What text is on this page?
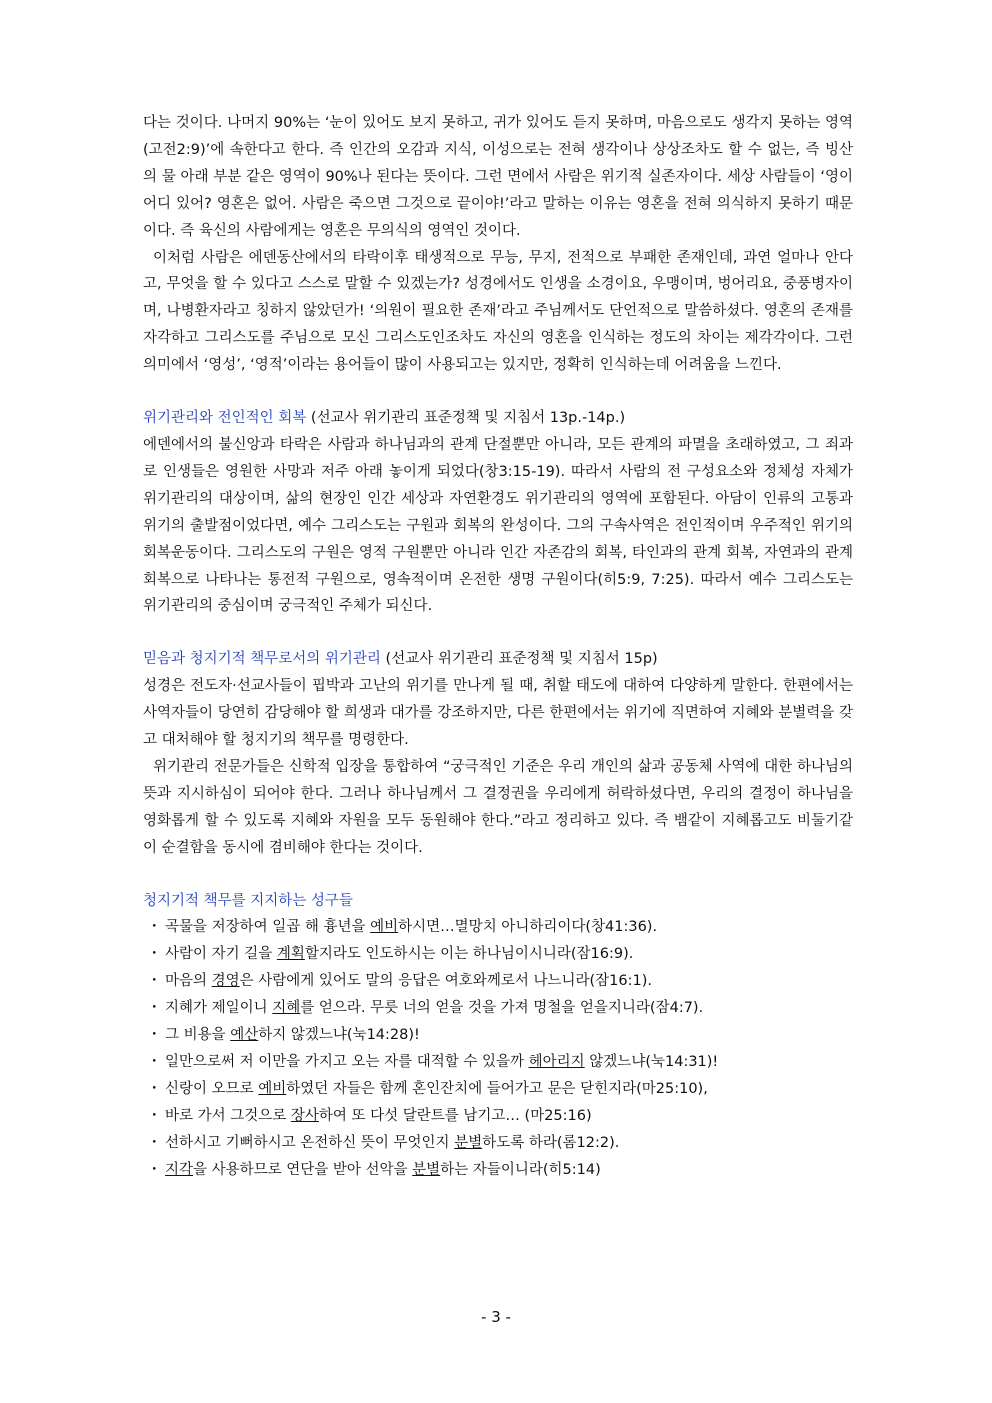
다는 것이다. 나머지 90%는 ‘눈이 있어도 보지 못하고, 귀가 있어도 듣지 못하며, 마음으로도 생각지 못하는 영역(고전2:9)’에 속한다고 한다. 즉 인간의 오감과 지식, 이성으로는 전혀 생각이나 상상조차도 할 수 없는, 즉 빙산의 물 아래 부분 같은 영역이 90%나 된다는 뜻이다. 그런 면에서 사람은 위기적 실존자이다. 세상 사람들이 ‘영이 어디 있어? 영혼은 없어. 사람은 죽으면 그것으로 끝이야!’라고 말하는 이유는 영혼을 전혀 의식하지 못하기 때문이다. 즉 육신의 사람에게는 영혼은 무의식의 영역인 것이다.

이처럼 사람은 에덴동산에서의 타락이후 태생적으로 무능, 무지, 전적으로 부패한 존재인데, 과연 얼마나 안다고, 무엇을 할 수 있다고 스스로 말할 수 있겠는가? 성경에서도 인생을 소경이요, 우맹이며, 벙어리요, 중풍병자이며, 나병환자라고 칭하지 않았던가! ‘의원이 필요한 존재’라고 주님께서도 단언적으로 말씀하셨다. 영혼의 존재를 자각하고 그리스도를 주님으로 모신 그리스도인조차도 자신의 영혼을 인식하는 정도의 차이는 제각각이다. 그런 의미에서 ‘영성’, ‘영적’이라는 용어들이 많이 사용되고는 있지만, 정확히 인식하는데 어려움을 느낀다.

위기관리와 전인적인 회복 (선교사 위기관리 표준정책 및 지침서 13p.-14p.)

에덴에서의 불신앙과 타락은 사람과 하나님과의 관계 단절뿐만 아니라, 모든 관계의 파멸을 초래하였고, 그 죄과로 인생들은 영원한 사망과 저주 아래 놓이게 되었다(창3:15-19). 따라서 사람의 전 구성요소와 정체성 자체가 위기관리의 대상이며, 삶의 현장인 인간 세상과 자연환경도 위기관리의 영역에 포함된다. 아담이 인류의 고통과 위기의 출발점이었다면, 예수 그리스도는 구원과 회복의 완성이다. 그의 구속사역은 전인적이며 우주적인 위기의 회복운동이다. 그리스도의 구원은 영적 구원뿐만 아니라 인간 자존감의 회복, 타인과의 관계 회복, 자연과의 관계 회복으로 나타나는 통전적 구원으로, 영속적이며 온전한 생명 구원이다(히5:9, 7:25). 따라서 예수 그리스도는 위기관리의 중심이며 궁극적인 주체가 되신다.

믿음과 청지기적 책무로서의 위기관리 (선교사 위기관리 표준정책 및 지침서 15p)

성경은 전도자·선교사들이 핍박과 고난의 위기를 만나게 될 때, 취할 태도에 대하여 다양하게 말한다. 한편에서는 사역자들이 당연히 감당해야 할 희생과 대가를 강조하지만, 다른 한편에서는 위기에 직면하여 지혜와 분별력을 갖고 대처해야 할 청지기의 책무를 명령한다.

위기관리 전문가들은 신학적 입장을 통합하여 “궁극적인 기준은 우리 개인의 삶과 공동체 사역에 대한 하나님의 뜻과 지시하심이 되어야 한다. 그러나 하나님께서 그 결정권을 우리에게 허락하셨다면, 우리의 결정이 하나님을 영화롭게 할 수 있도록 지혜와 자원을 모두 동원해야 한다.”라고 정리하고 있다. 즉 뱀같이 지혜롭고도 비둘기같이 순결함을 동시에 겸비해야 한다는 것이다.

청지기적 책무를 지지하는 성구들

・ 곡물을 저장하여 일곱 해 흉년을 예비하시면…멸망치 아니하리이다(창41:36).
・ 사람이 자기 길을 계획할지라도 인도하시는 이는 하나님이시니라(잠16:9).
・ 마음의 경영은 사람에게 있어도 말의 응답은 여호와께로서 나느니라(잠16:1).
・ 지혜가 제일이니 지혜를 얻으라. 무릇 너의 얻을 것을 가져 명철을 얻을지니라(잠4:7).
・ 그 비용을 예산하지 않겠느냐(눅14:28)!
・ 일만으로써 저 이만을 가지고 오는 자를 대적할 수 있을까 헤아리지 않겠느냐(눅14:31)!
・ 신랑이 오므로 예비하였던 자들은 함께 혼인잔치에 들어가고 문은 닫힌지라(마25:10),
・ 바로 가서 그것으로 장사하여 또 다섯 달란트를 남기고… (마25:16)
・ 선하시고 기뻐하시고 온전하신 뜻이 무엇인지 분별하도록 하라(롬12:2).
・ 지각을 사용하므로 연단을 받아 선악을 분별하는 자들이니라(히5:14)
- 3 -
